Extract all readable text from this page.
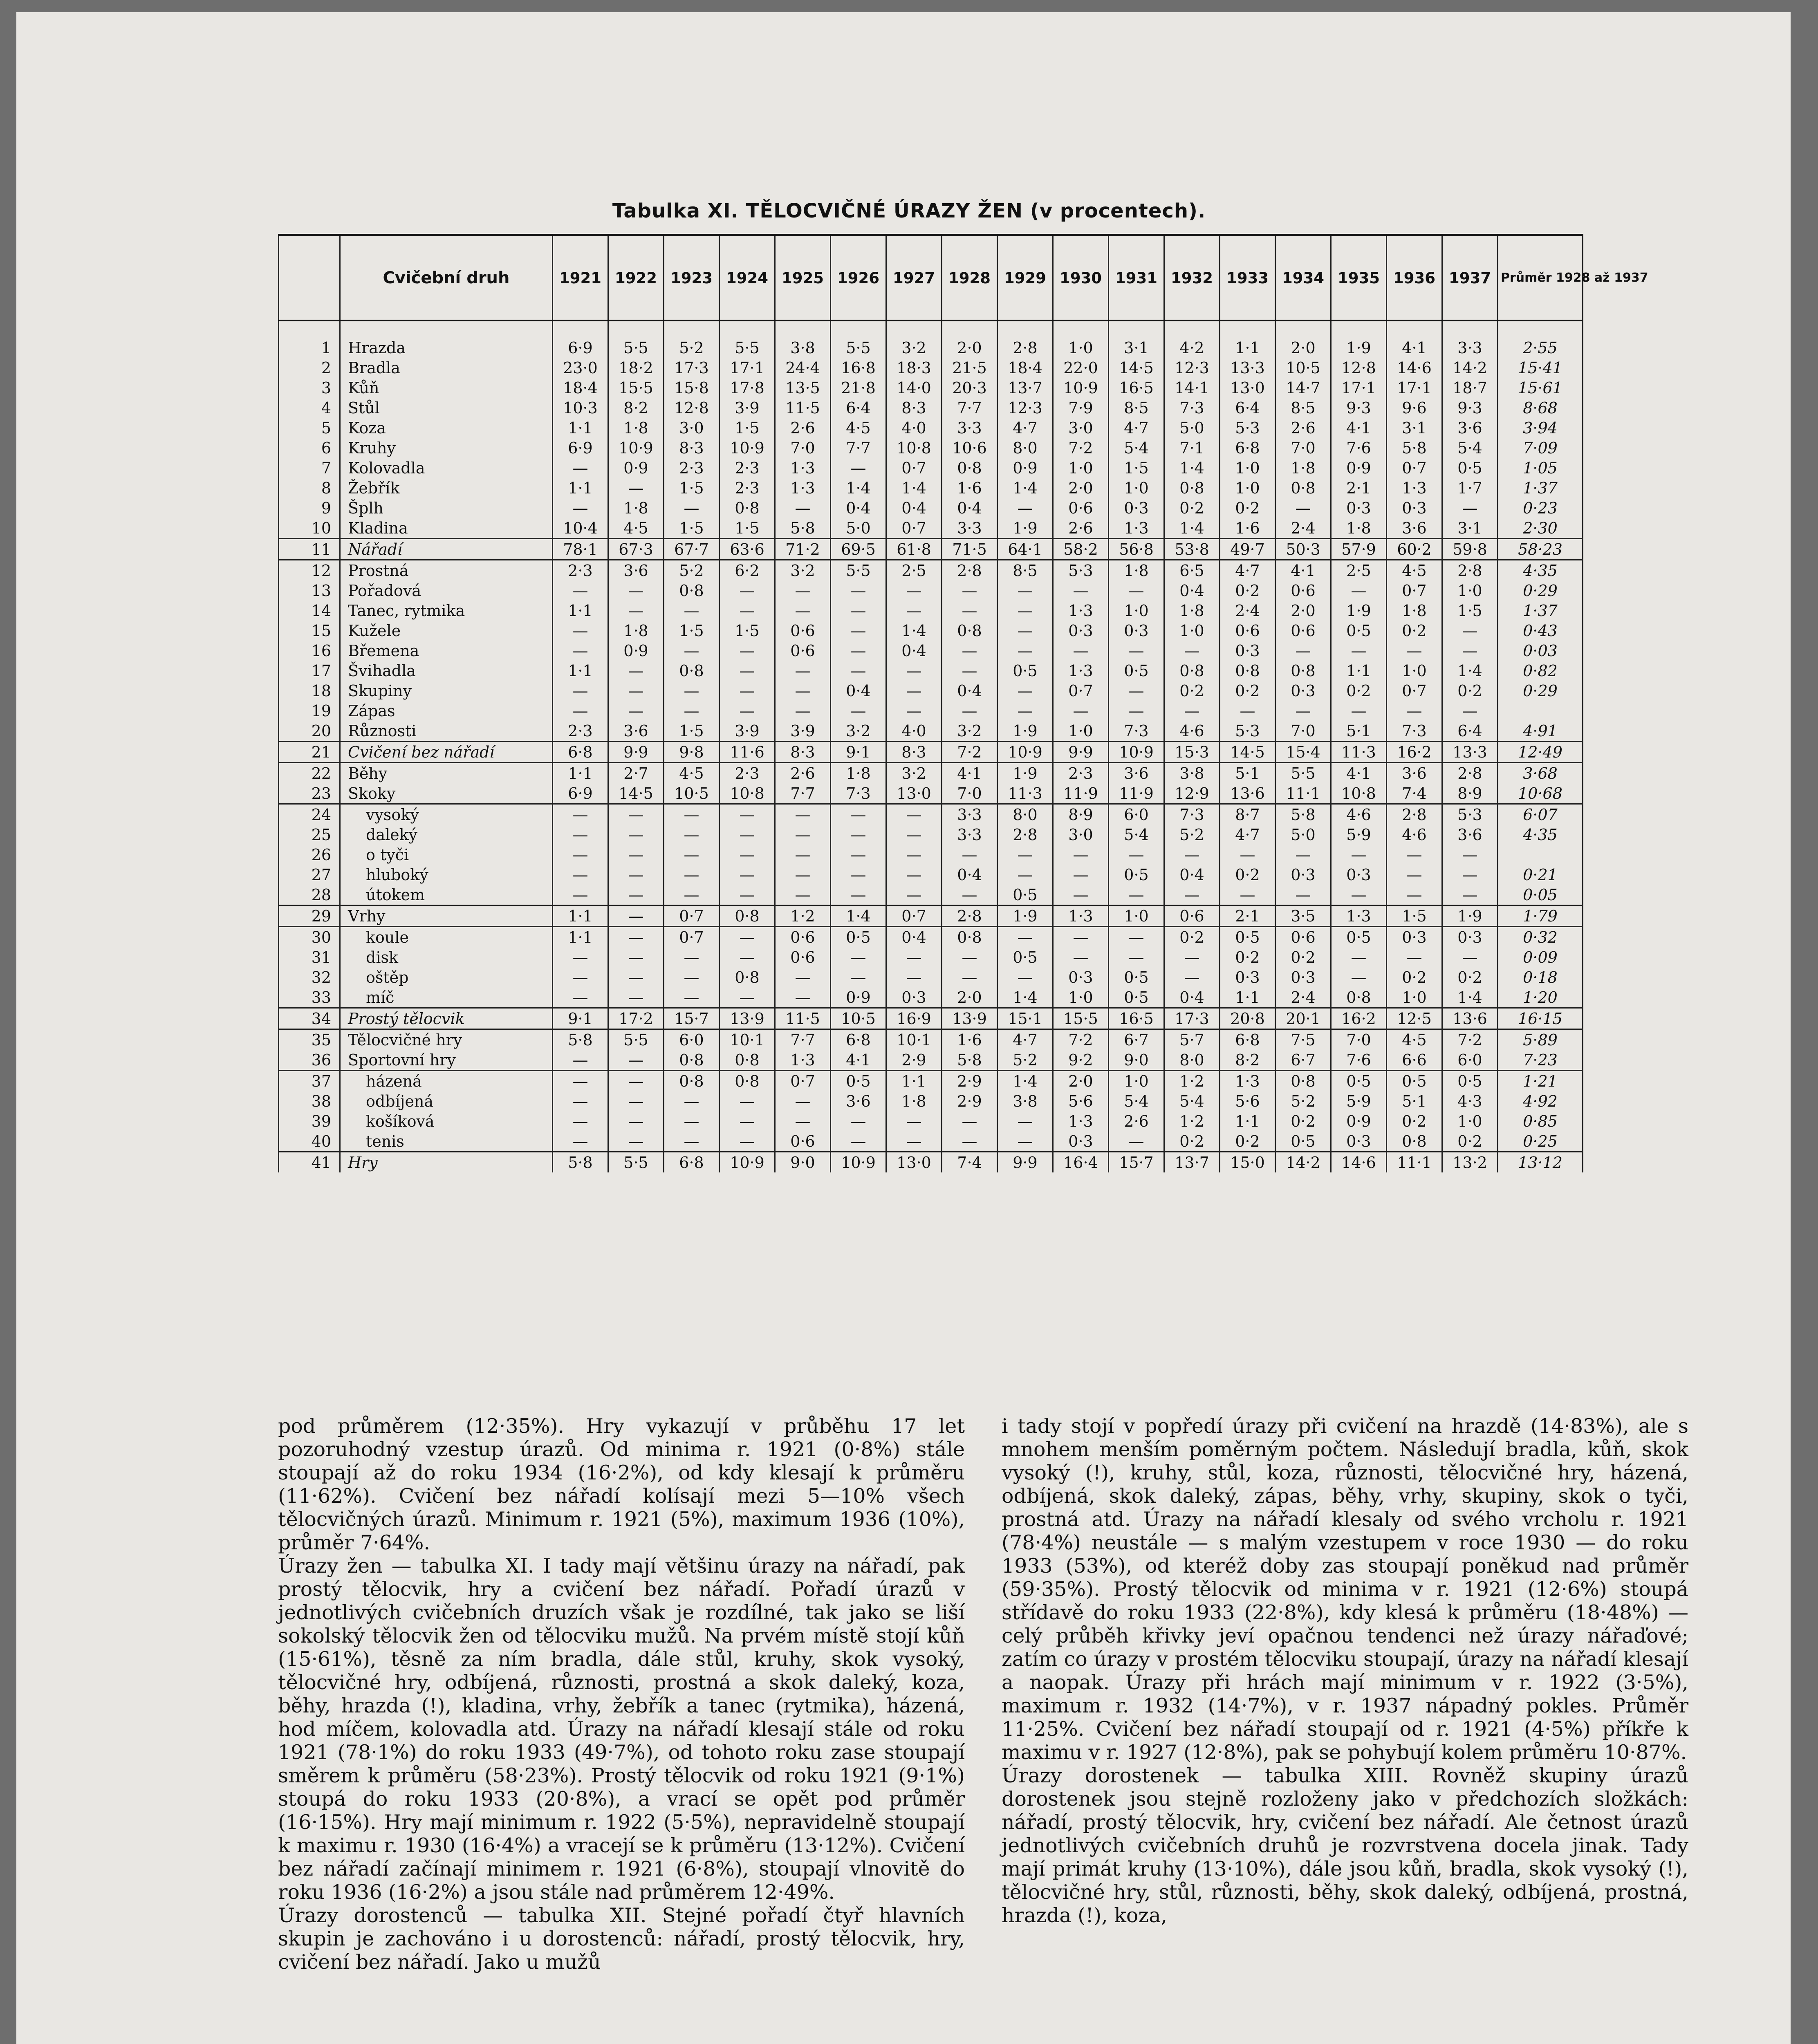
Tabulka XI. TĚLOCVIČNÉ ÚRAZY ŽEN (v procentech).
	Cvičební druh	1921	1922	1923	1924	1925	1926	1927	1928	1929	1930	1931	1932	1933	1934	1935	1936	1937	Průměr 1928 až 1937
1	Hrazda	6·9	5·5	5·2	5·5	3·8	5·5	3·2	2·0	2·8	1·0	3·1	4·2	1·1	2·0	1·9	4·1	3·3	2·55
2	Bradla	23·0	18·2	17·3	17·1	24·4	16·8	18·3	21·5	18·4	22·0	14·5	12·3	13·3	10·5	12·8	14·6	14·2	15·41
3	Kůň	18·4	15·5	15·8	17·8	13·5	21·8	14·0	20·3	13·7	10·9	16·5	14·1	13·0	14·7	17·1	17·1	18·7	15·61
4	Stůl	10·3	8·2	12·8	3·9	11·5	6·4	8·3	7·7	12·3	7·9	8·5	7·3	6·4	8·5	9·3	9·6	9·3	8·68
5	Koza	1·1	1·8	3·0	1·5	2·6	4·5	4·0	3·3	4·7	3·0	4·7	5·0	5·3	2·6	4·1	3·1	3·6	3·94
6	Kruhy	6·9	10·9	8·3	10·9	7·0	7·7	10·8	10·6	8·0	7·2	5·4	7·1	6·8	7·0	7·6	5·8	5·4	7·09
7	Kolovadla	—	0·9	2·3	2·3	1·3	—	0·7	0·8	0·9	1·0	1·5	1·4	1·0	1·8	0·9	0·7	0·5	1·05
8	Žebřík	1·1	—	1·5	2·3	1·3	1·4	1·4	1·6	1·4	2·0	1·0	0·8	1·0	0·8	2·1	1·3	1·7	1·37
9	Šplh	—	1·8	—	0·8	—	0·4	0·4	0·4	—	0·6	0·3	0·2	0·2	—	0·3	0·3	—	0·23
10	Kladina	10·4	4·5	1·5	1·5	5·8	5·0	0·7	3·3	1·9	2·6	1·3	1·4	1·6	2·4	1·8	3·6	3·1	2·30
11	Nářadí	78·1	67·3	67·7	63·6	71·2	69·5	61·8	71·5	64·1	58·2	56·8	53·8	49·7	50·3	57·9	60·2	59·8	58·23
12	Prostná	2·3	3·6	5·2	6·2	3·2	5·5	2·5	2·8	8·5	5·3	1·8	6·5	4·7	4·1	2·5	4·5	2·8	4·35
13	Pořadová	—	—	0·8	—	—	—	—	—	—	—	—	0·4	0·2	0·6	—	0·7	1·0	0·29
14	Tanec, rytmika	1·1	—	—	—	—	—	—	—	—	1·3	1·0	1·8	2·4	2·0	1·9	1·8	1·5	1·37
15	Kužele	—	1·8	1·5	1·5	0·6	—	1·4	0·8	—	0·3	0·3	1·0	0·6	0·6	0·5	0·2	—	0·43
16	Břemena	—	0·9	—	—	0·6	—	0·4	—	—	—	—	—	0·3	—	—	—	—	0·03
17	Švihadla	1·1	—	0·8	—	—	—	—	—	0·5	1·3	0·5	0·8	0·8	0·8	1·1	1·0	1·4	0·82
18	Skupiny	—	—	—	—	—	0·4	—	0·4	—	0·7	—	0·2	0·2	0·3	0·2	0·7	0·2	0·29
19	Zápas	—	—	—	—	—	—	—	—	—	—	—	—	—	—	—	—	—	
20	Různosti	2·3	3·6	1·5	3·9	3·9	3·2	4·0	3·2	1·9	1·0	7·3	4·6	5·3	7·0	5·1	7·3	6·4	4·91
21	Cvičení bez nářadí	6·8	9·9	9·8	11·6	8·3	9·1	8·3	7·2	10·9	9·9	10·9	15·3	14·5	15·4	11·3	16·2	13·3	12·49
22	Běhy	1·1	2·7	4·5	2·3	2·6	1·8	3·2	4·1	1·9	2·3	3·6	3·8	5·1	5·5	4·1	3·6	2·8	3·68
23	Skoky	6·9	14·5	10·5	10·8	7·7	7·3	13·0	7·0	11·3	11·9	11·9	12·9	13·6	11·1	10·8	7·4	8·9	10·68
24	vysoký	—	—	—	—	—	—	—	3·3	8·0	8·9	6·0	7·3	8·7	5·8	4·6	2·8	5·3	6·07
25	daleký	—	—	—	—	—	—	—	3·3	2·8	3·0	5·4	5·2	4·7	5·0	5·9	4·6	3·6	4·35
26	o tyči	—	—	—	—	—	—	—	—	—	—	—	—	—	—	—	—	—	
27	hluboký	—	—	—	—	—	—	—	0·4	—	—	0·5	0·4	0·2	0·3	0·3	—	—	0·21
28	útokem	—	—	—	—	—	—	—	—	0·5	—	—	—	—	—	—	—	—	0·05
29	Vrhy	1·1	—	0·7	0·8	1·2	1·4	0·7	2·8	1·9	1·3	1·0	0·6	2·1	3·5	1·3	1·5	1·9	1·79
30	koule	1·1	—	0·7	—	0·6	0·5	0·4	0·8	—	—	—	0·2	0·5	0·6	0·5	0·3	0·3	0·32
31	disk	—	—	—	—	0·6	—	—	—	0·5	—	—	—	0·2	0·2	—	—	—	0·09
32	oštěp	—	—	—	0·8	—	—	—	—	—	0·3	0·5	—	0·3	0·3	—	0·2	0·2	0·18
33	míč	—	—	—	—	—	0·9	0·3	2·0	1·4	1·0	0·5	0·4	1·1	2·4	0·8	1·0	1·4	1·20
34	Prostý tělocvik	9·1	17·2	15·7	13·9	11·5	10·5	16·9	13·9	15·1	15·5	16·5	17·3	20·8	20·1	16·2	12·5	13·6	16·15
35	Tělocvičné hry	5·8	5·5	6·0	10·1	7·7	6·8	10·1	1·6	4·7	7·2	6·7	5·7	6·8	7·5	7·0	4·5	7·2	5·89
36	Sportovní hry	—	—	0·8	0·8	1·3	4·1	2·9	5·8	5·2	9·2	9·0	8·0	8·2	6·7	7·6	6·6	6·0	7·23
37	házená	—	—	0·8	0·8	0·7	0·5	1·1	2·9	1·4	2·0	1·0	1·2	1·3	0·8	0·5	0·5	0·5	1·21
38	odbíjená	—	—	—	—	—	3·6	1·8	2·9	3·8	5·6	5·4	5·4	5·6	5·2	5·9	5·1	4·3	4·92
39	košíková	—	—	—	—	—	—	—	—	—	1·3	2·6	1·2	1·1	0·2	0·9	0·2	1·0	0·85
40	tenis	—	—	—	—	0·6	—	—	—	—	0·3	—	0·2	0·2	0·5	0·3	0·8	0·2	0·25
41	Hry	5·8	5·5	6·8	10·9	9·0	10·9	13·0	7·4	9·9	16·4	15·7	13·7	15·0	14·2	14·6	11·1	13·2	13·12

pod průměrem (12·35%). Hry vykazují v průběhu 17 let pozoruhodný vzestup úrazů. Od minima r. 1921 (0·8%) stále stoupají až do roku 1934 (16·2%), od kdy klesají k průměru (11·62%). Cvičení bez nářadí kolísají mezi 5—10% všech tělocvičných úrazů. Minimum r. 1921 (5%), maximum 1936 (10%), průměr 7·64%.

Úrazy žen — tabulka XI. I tady mají většinu úrazy na nářadí, pak prostý tělocvik, hry a cvičení bez nářadí. Pořadí úrazů v jednotlivých cvičebních druzích však je rozdílné, tak jako se liší sokolský tělocvik žen od tělocviku mužů. Na prvém místě stojí kůň (15·61%), těsně za ním bradla, dále stůl, kruhy, skok vysoký, tělocvičné hry, odbíjená, různosti, prostná a skok daleký, koza, běhy, hrazda (!), kladina, vrhy, žebřík a tanec (rytmika), házená, hod míčem, kolovadla atd. Úrazy na nářadí klesají stále od roku 1921 (78·1%) do roku 1933 (49·7%), od tohoto roku zase stoupají směrem k průměru (58·23%). Prostý tělocvik od roku 1921 (9·1%) stoupá do roku 1933 (20·8%), a vrací se opět pod průměr (16·15%). Hry mají minimum r. 1922 (5·5%), nepravidelně stoupají k maximu r. 1930 (16·4%) a vracejí se k průměru (13·12%). Cvičení bez nářadí začínají minimem r. 1921 (6·8%), stoupají vlnovitě do roku 1936 (16·2%) a jsou stále nad průměrem 12·49%.

Úrazy dorostenců — tabulka XII. Stejné pořadí čtyř hlavních skupin je zachováno i u dorostenců: nářadí, prostý tělocvik, hry, cvičení bez nářadí. Jako u mužů

i tady stojí v popředí úrazy při cvičení na hrazdě (14·83%), ale s mnohem menším poměrným počtem. Následují bradla, kůň, skok vysoký (!), kruhy, stůl, koza, různosti, tělocvičné hry, házená, odbíjená, skok daleký, zápas, běhy, vrhy, skupiny, skok o tyči, prostná atd. Úrazy na nářadí klesaly od svého vrcholu r. 1921 (78·4%) neustále — s malým vzestupem v roce 1930 — do roku 1933 (53%), od kteréž doby zas stoupají poněkud nad průměr (59·35%). Prostý tělocvik od minima v r. 1921 (12·6%) stoupá střídavě do roku 1933 (22·8%), kdy klesá k průměru (18·48%) — celý průběh křivky jeví opačnou tendenci než úrazy nářaďové; zatím co úrazy v prostém tělocviku stoupají, úrazy na nářadí klesají a naopak. Úrazy při hrách mají minimum v r. 1922 (3·5%), maximum r. 1932 (14·7%), v r. 1937 nápadný pokles. Průměr 11·25%. Cvičení bez nářadí stoupají od r. 1921 (4·5%) příkře k maximu v r. 1927 (12·8%), pak se pohybují kolem průměru 10·87%.

Úrazy dorostenek — tabulka XIII. Rovněž skupiny úrazů dorostenek jsou stejně rozloženy jako v předchozích složkách: nářadí, prostý tělocvik, hry, cvičení bez nářadí. Ale četnost úrazů jednotlivých cvičebních druhů je rozvrstvena docela jinak. Tady mají primát kruhy (13·10%), dále jsou kůň, bradla, skok vysoký (!), tělocvičné hry, stůl, různosti, běhy, skok daleký, odbíjená, prostná, hrazda (!), koza,
